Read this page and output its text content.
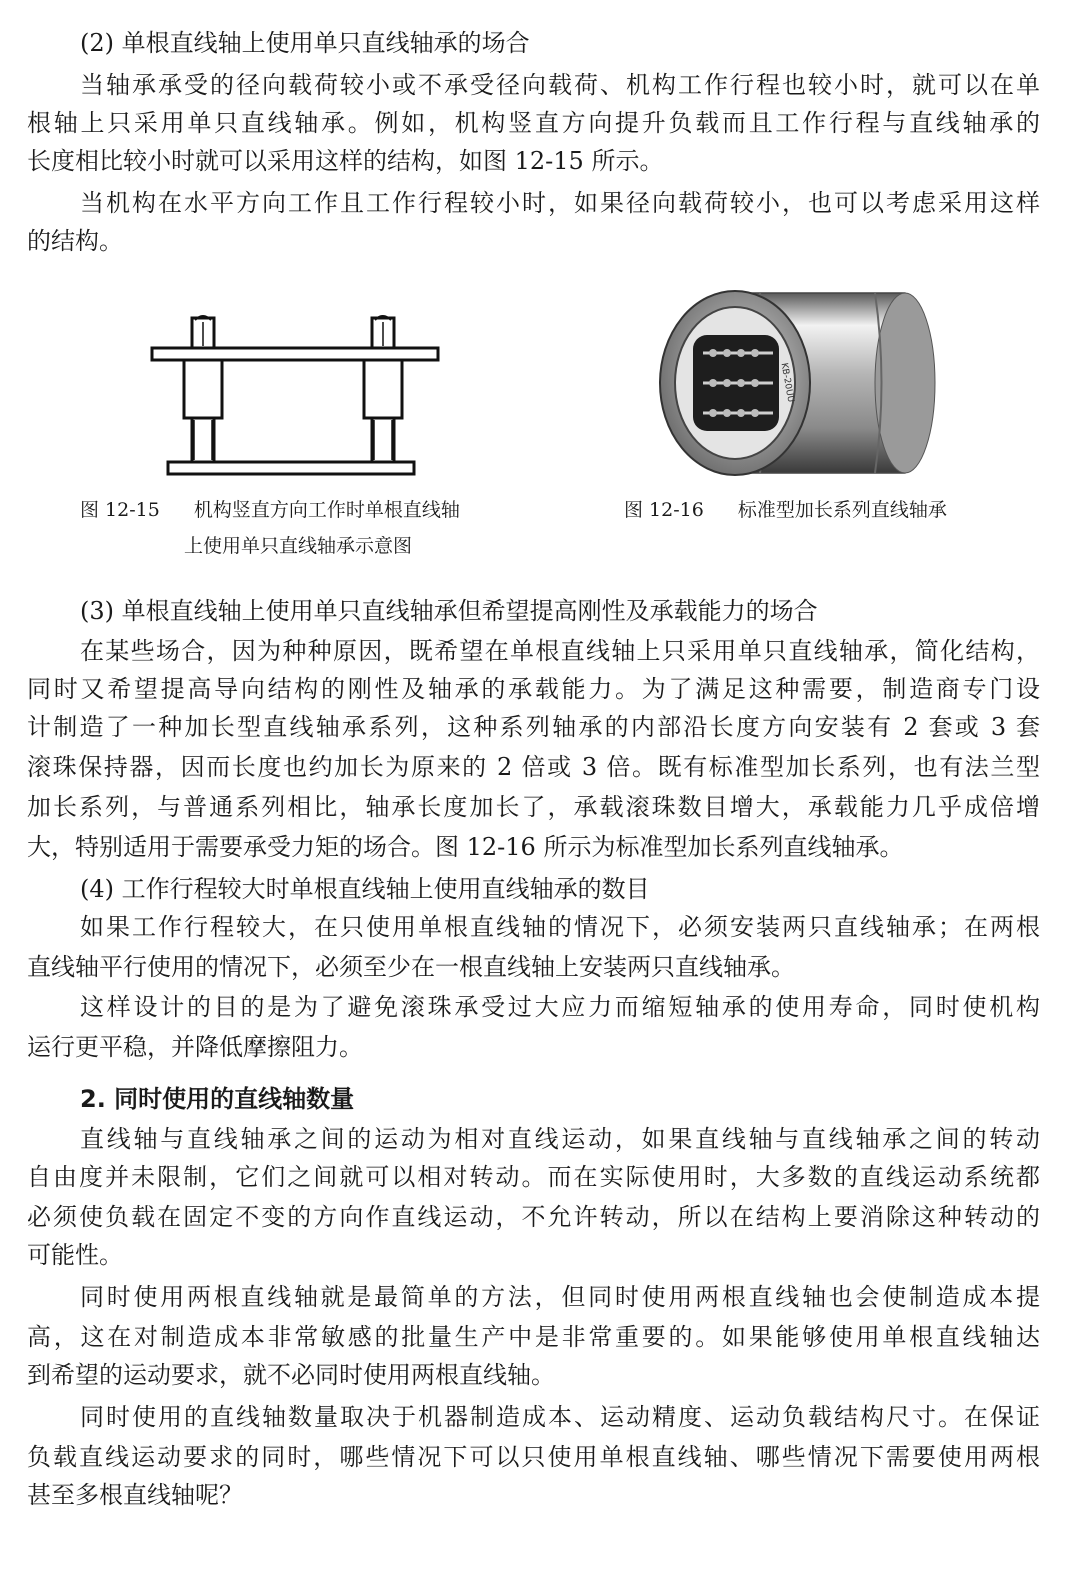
(2) 单根直线轴上使用单只直线轴承的场合

当轴承承受的径向载荷较小或不承受径向载荷、机构工作行程也较小时，就可以在单

根轴上只采用单只直线轴承。例如，机构竖直方向提升负载而且工作行程与直线轴承的

长度相比较小时就可以采用这样的结构，如图 12-15 所示。

当机构在水平方向工作且工作行程较小时，如果径向载荷较小，也可以考虑采用这样

的结构。

KB-20UU

图 12-15 机构竖直方向工作时单根直线轴

上使用单只直线轴承示意图

图 12-16 标准型加长系列直线轴承

(3) 单根直线轴上使用单只直线轴承但希望提高刚性及承载能力的场合

在某些场合，因为种种原因，既希望在单根直线轴上只采用单只直线轴承，简化结构，

同时又希望提高导向结构的刚性及轴承的承载能力。为了满足这种需要，制造商专门设

计制造了一种加长型直线轴承系列，这种系列轴承的内部沿长度方向安装有 2 套或 3 套

滚珠保持器，因而长度也约加长为原来的 2 倍或 3 倍。既有标准型加长系列，也有法兰型

加长系列，与普通系列相比，轴承长度加长了，承载滚珠数目增大，承载能力几乎成倍增

大，特别适用于需要承受力矩的场合。图 12-16 所示为标准型加长系列直线轴承。

(4) 工作行程较大时单根直线轴上使用直线轴承的数目

如果工作行程较大，在只使用单根直线轴的情况下，必须安装两只直线轴承；在两根

直线轴平行使用的情况下，必须至少在一根直线轴上安装两只直线轴承。

这样设计的目的是为了避免滚珠承受过大应力而缩短轴承的使用寿命，同时使机构

运行更平稳，并降低摩擦阻力。

2. 同时使用的直线轴数量

直线轴与直线轴承之间的运动为相对直线运动，如果直线轴与直线轴承之间的转动

自由度并未限制，它们之间就可以相对转动。而在实际使用时，大多数的直线运动系统都

必须使负载在固定不变的方向作直线运动，不允许转动，所以在结构上要消除这种转动的

可能性。

同时使用两根直线轴就是最简单的方法，但同时使用两根直线轴也会使制造成本提

高，这在对制造成本非常敏感的批量生产中是非常重要的。如果能够使用单根直线轴达

到希望的运动要求，就不必同时使用两根直线轴。

同时使用的直线轴数量取决于机器制造成本、运动精度、运动负载结构尺寸。在保证

负载直线运动要求的同时，哪些情况下可以只使用单根直线轴、哪些情况下需要使用两根

甚至多根直线轴呢？
